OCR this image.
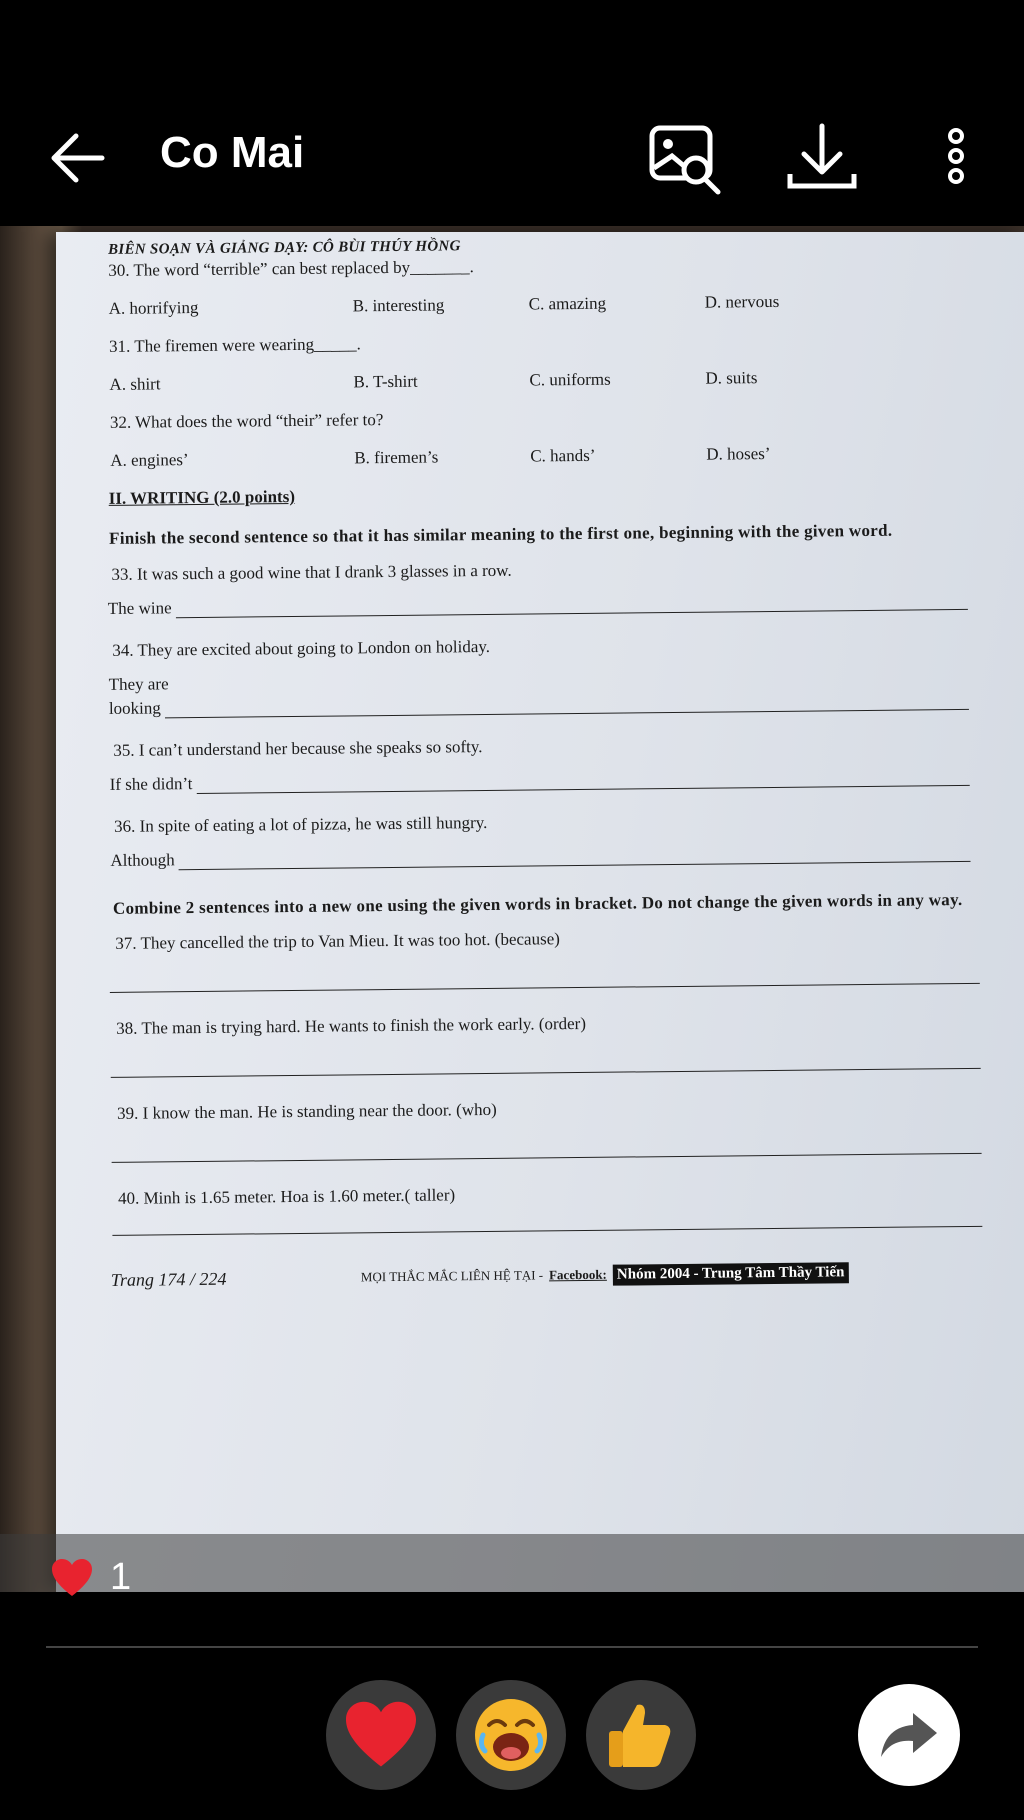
Co Mai
BIÊN SOẠN VÀ GIẢNG DẠY: CÔ BÙI THÚY HỒNG
30. The word “terrible” can best replaced by_______.
A. horrifying	B. interesting	C. amazing	D. nervous
31. The firemen were wearing_____.
A. shirt	B. T-shirt	C. uniforms	D. suits
32. What does the word “their” refer to?
A. engines’	B. firemen’s	C. hands’	D. hoses’
II. WRITING (2.0 points)
Finish the second sentence so that it has similar meaning to the first one, beginning with the given word.
33. It was such a good wine that I drank 3 glasses in a row.
The wine
34. They are excited about going to London on holiday.
They are
looking
35. I can’t understand her because she speaks so softy.
If she didn’t
36. In spite of eating a lot of pizza, he was still hungry.
Although
Combine 2 sentences into a new one using the given words in bracket. Do not change the given words in any way.
37. They cancelled the trip to Van Mieu. It was too hot. (because)
38. The man is trying hard. He wants to finish the work early. (order)
39. I know the man. He is standing near the door. (who)
40. Minh is 1.65 meter. Hoa is 1.60 meter.( taller)
Trang 174 / 224	MỌI THẮC MẮC LIÊN HỆ TẠI - Facebook: Nhóm 2004 - Trung Tâm Thầy Tiến
1
